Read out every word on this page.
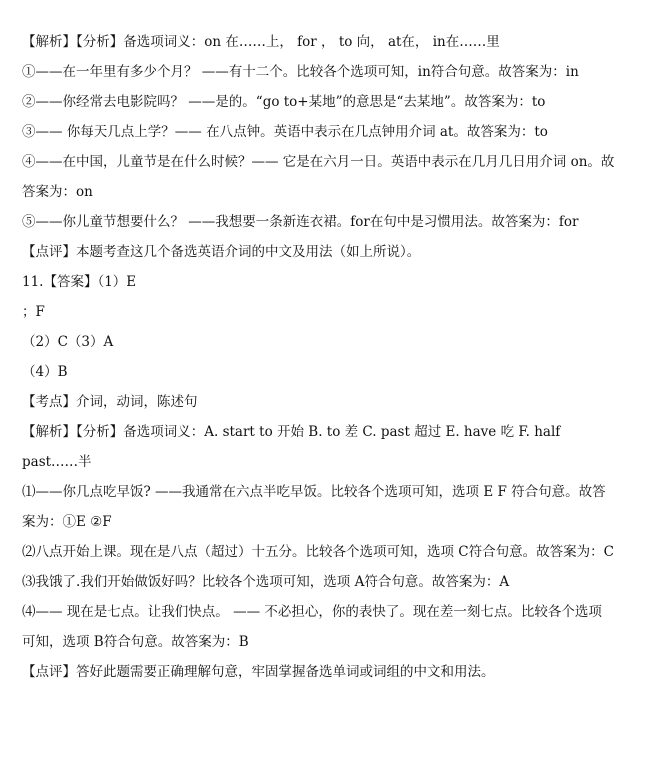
【解析】【分析】备选项词义：on 在……上， for ， to 向， at在， in在……里
①——在一年里有多少个月？ ——有十二个。比较各个选项可知，in符合句意。故答案为：in
②——你经常去电影院吗？ ——是的。“go to+某地”的意思是“去某地”。故答案为：to
③—— 你每天几点上学？—— 在八点钟。英语中表示在几点钟用介词 at。故答案为：to
④——在中国，儿童节是在什么时候？—— 它是在六月一日。英语中表示在几月几日用介词 on。故
答案为：on
⑤——你儿童节想要什么？ ——我想要一条新连衣裙。for在句中是习惯用法。故答案为：for
【点评】本题考查这几个备选英语介词的中文及用法（如上所说）。
11.【答案】（1）E
；F
（2）C（3）A
（4）B
【考点】介词，动词，陈述句
【解析】【分析】备选项词义：A. start to 开始 B. to 差 C. past 超过 E. have 吃 F. half
past……半
⑴——你几点吃早饭? ——我通常在六点半吃早饭。比较各个选项可知，选项 E F 符合句意。故答
案为：①E ②F
⑵八点开始上课。现在是八点（超过）十五分。比较各个选项可知，选项 C符合句意。故答案为：C
⑶我饿了.我们开始做饭好吗？比较各个选项可知，选项 A符合句意。故答案为：A
⑷—— 现在是七点。让我们快点。 —— 不必担心，你的表快了。现在差一刻七点。比较各个选项
可知，选项 B符合句意。故答案为：B
【点评】答好此题需要正确理解句意，牢固掌握备选单词或词组的中文和用法。
